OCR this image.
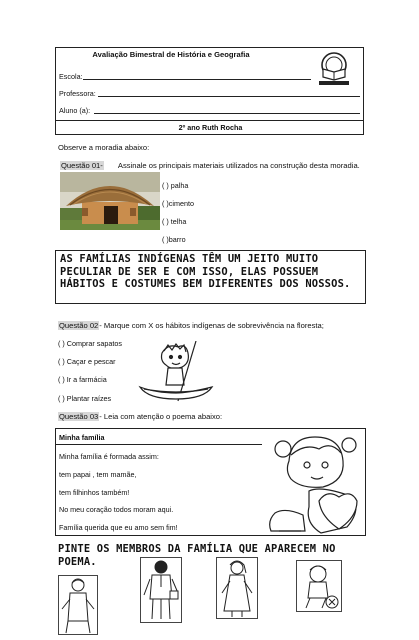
Avaliação Bimestral de História e Geografia
Escola:
Professora:
Aluno (a):
2º ano Ruth Rocha
Observe a moradia abaixo:
Questão 01- Assinale os principais materiais utilizados na construção desta moradia.
( ) palha
( )cimento
( ) telha
( )barro
AS FAMÍLIAS INDÍGENAS TÊM UM JEITO MUITO PECULIAR DE SER E COM ISSO, ELAS POSSUEM HÁBITOS E COSTUMES BEM DIFERENTES DOS NOSSOS.
Questão 02- Marque com X os hábitos indígenas de sobrevivência na floresta;
( ) Comprar sapatos
( ) Caçar e pescar
( ) Ir a farmácia
( ) Plantar raízes
Questão 03- Leia com atenção o poema abaixo:
Minha família
Minha família é formada assim:
tem papai , tem mamãe,
tem filhinhos também!
No meu coração todos moram aqui.
Família querida que eu amo sem fim!
PINTE OS MEMBROS DA FAMÍLIA QUE APARECEM NO POEMA.
